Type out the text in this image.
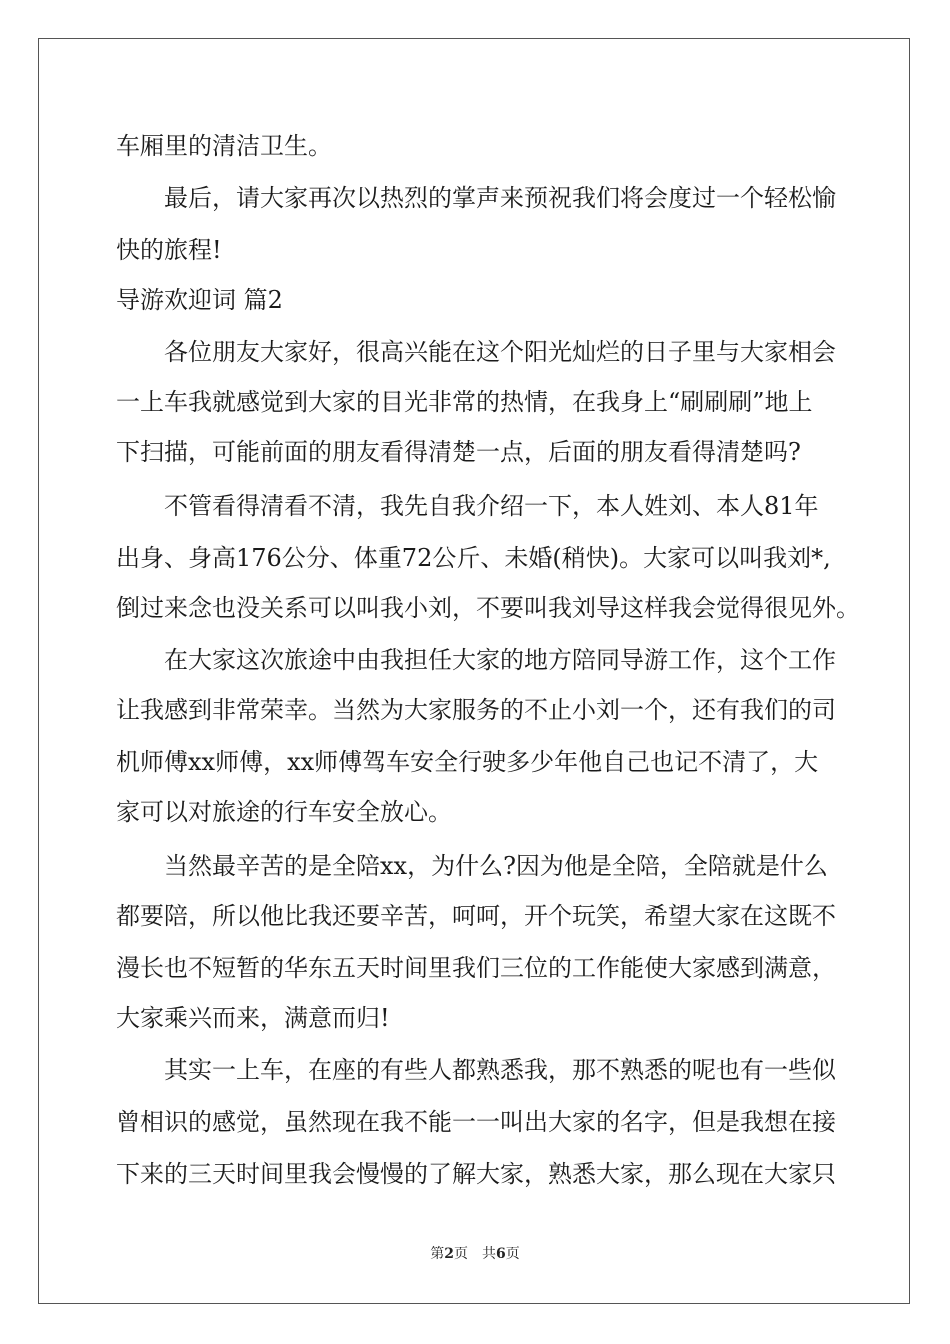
车厢里的清洁卫生。
最后，请大家再次以热烈的掌声来预祝我们将会度过一个轻松愉
快的旅程!
导游欢迎词 篇2
各位朋友大家好，很高兴能在这个阳光灿烂的日子里与大家相会
一上车我就感觉到大家的目光非常的热情，在我身上“刷刷刷”地上
下扫描，可能前面的朋友看得清楚一点，后面的朋友看得清楚吗?
不管看得清看不清，我先自我介绍一下，本人姓刘、本人81年
出身、身高176公分、体重72公斤、未婚(稍快)。大家可以叫我刘*,
倒过来念也没关系可以叫我小刘，不要叫我刘导这样我会觉得很见外。
在大家这次旅途中由我担任大家的地方陪同导游工作，这个工作
让我感到非常荣幸。当然为大家服务的不止小刘一个，还有我们的司
机师傅xx师傅，xx师傅驾车安全行驶多少年他自己也记不清了，大
家可以对旅途的行车安全放心。
当然最辛苦的是全陪xx，为什么?因为他是全陪，全陪就是什么
都要陪，所以他比我还要辛苦，呵呵，开个玩笑，希望大家在这既不
漫长也不短暂的华东五天时间里我们三位的工作能使大家感到满意，
大家乘兴而来，满意而归!
其实一上车，在座的有些人都熟悉我，那不熟悉的呢也有一些似
曾相识的感觉，虽然现在我不能一一叫出大家的名字，但是我想在接
下来的三天时间里我会慢慢的了解大家，熟悉大家，那么现在大家只
第2页　共6页
